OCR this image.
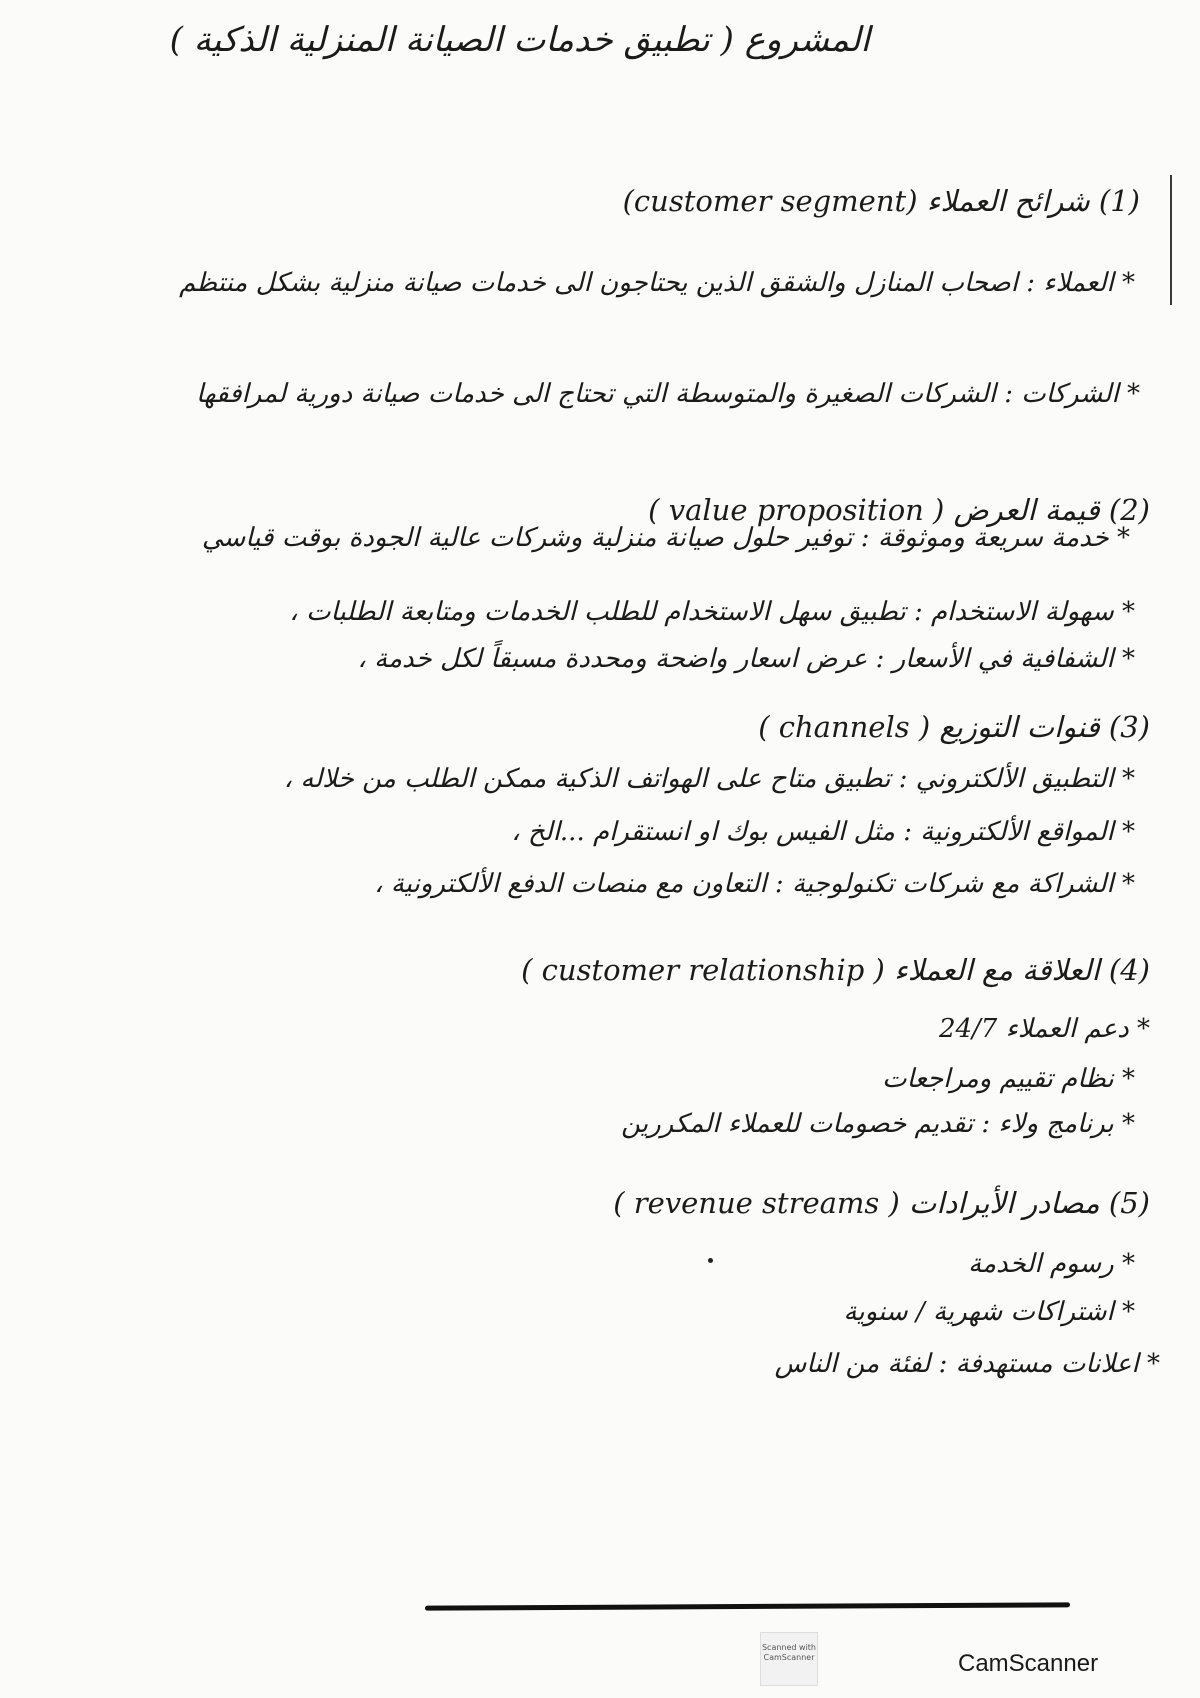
المشروع ( تطبيق خدمات الصيانة المنزلية الذكية )
(1) شرائح العملاء (customer segment)
* العملاء : اصحاب المنازل والشقق الذين يحتاجون الى خدمات صيانة منزلية بشكل منتظم
* الشركات : الشركات الصغيرة والمتوسطة التي تحتاج الى خدمات صيانة دورية لمرافقها
(2) قيمة العرض ( value proposition )
* خدمة سريعة وموثوقة : توفير حلول صيانة منزلية وشركات عالية الجودة بوقت قياسي
* سهولة الاستخدام : تطبيق سهل الاستخدام للطلب الخدمات ومتابعة الطلبات ،
* الشفافية في الأسعار : عرض اسعار واضحة ومحددة مسبقاً لكل خدمة ،
(3) قنوات التوزيع ( channels )
* التطبيق الألكتروني : تطبيق متاح على الهواتف الذكية ممكن الطلب من خلاله ،
* المواقع الألكترونية : مثل الفيس بوك او انستقرام ...الخ ،
* الشراكة مع شركات تكنولوجية : التعاون مع منصات الدفع الألكترونية ،
(4) العلاقة مع العملاء ( customer relationship )
* دعم العملاء 24/7
* نظام تقييم ومراجعات
* برنامج ولاء : تقديم خصومات للعملاء المكررين
(5) مصادر الأيرادات ( revenue streams )
* رسوم الخدمة
* اشتراكات شهرية / سنوية
* اعلانات مستهدفة : لفئة من الناس
Scanned with CamScanner	CamScanner
